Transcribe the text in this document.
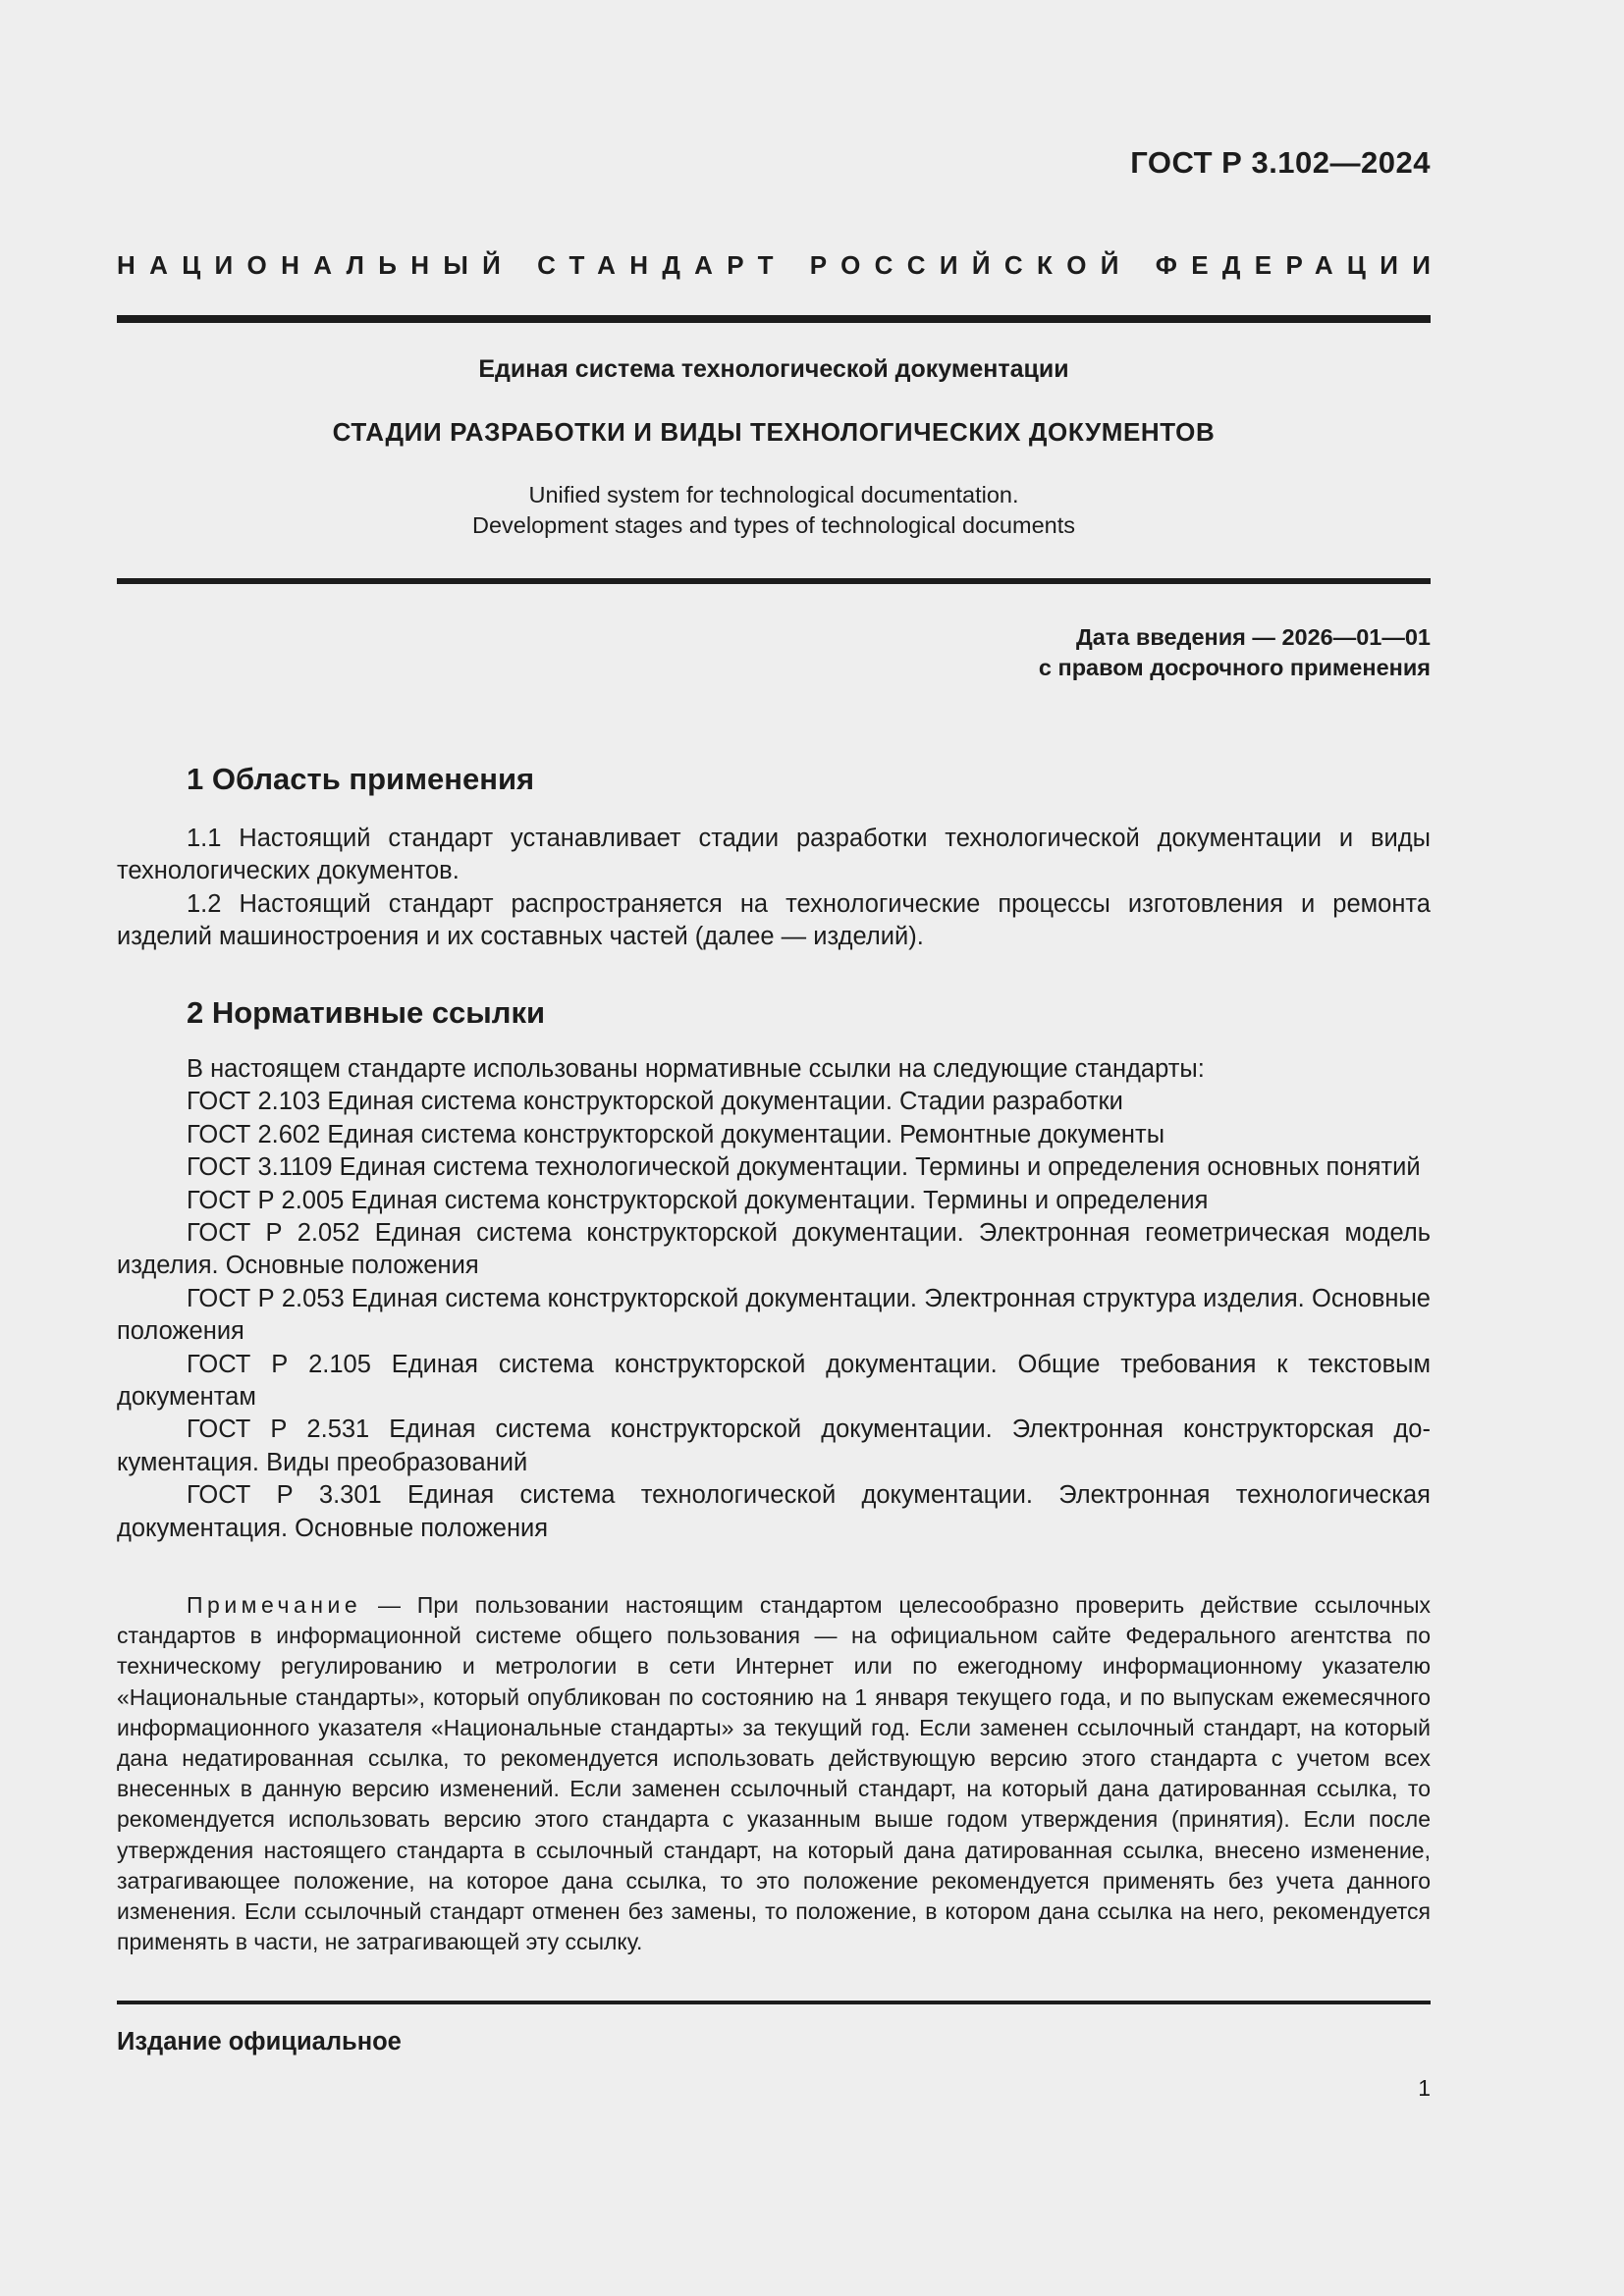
ГОСТ Р 3.102—2024
НАЦИОНАЛЬНЫЙ СТАНДАРТ РОССИЙСКОЙ ФЕДЕРАЦИИ
Единая система технологической документации
СТАДИИ РАЗРАБОТКИ И ВИДЫ ТЕХНОЛОГИЧЕСКИХ ДОКУМЕНТОВ
Unified system for technological documentation.
Development stages and types of technological documents
Дата введения — 2026—01—01
с правом досрочного применения
1 Область применения

1.1 Настоящий стандарт устанавливает стадии разработки технологической документации и виды технологических документов.

1.2 Настоящий стандарт распространяется на технологические процессы изготовления и ремонта изделий машиностроения и их составных частей (далее — изделий).

2 Нормативные ссылки

В настоящем стандарте использованы нормативные ссылки на следующие стандарты:

ГОСТ 2.103 Единая система конструкторской документации. Стадии разработки

ГОСТ 2.602 Единая система конструкторской документации. Ремонтные документы

ГОСТ 3.1109 Единая система технологической документации. Термины и определения основных понятий

ГОСТ Р 2.005 Единая система конструкторской документации. Термины и определения

ГОСТ Р 2.052 Единая система конструкторской документации. Электронная геометрическая модель изделия. Основные положения

ГОСТ Р 2.053 Единая система конструкторской документации. Электронная структура изделия. Основные положения

ГОСТ Р 2.105 Единая система конструкторской документации. Общие требования к текстовым документам

ГОСТ Р 2.531 Единая система конструкторской документации. Электронная конструкторская документация. Виды преобразований

ГОСТ Р 3.301 Единая система технологической документации. Электронная технологическая документация. Основные положения

Примечание — При пользовании настоящим стандартом целесообразно проверить действие ссылочных стандартов в информационной системе общего пользования — на официальном сайте Федерального агентства по техническому регулированию и метрологии в сети Интернет или по ежегодному информационному указателю «Национальные стандарты», который опубликован по состоянию на 1 января текущего года, и по выпускам ежемесячного информационного указателя «Национальные стандарты» за текущий год. Если заменен ссылочный стандарт, на который дана недатированная ссылка, то рекомендуется использовать действующую версию этого стандарта с учетом всех внесенных в данную версию изменений. Если заменен ссылочный стандарт, на который дана датированная ссылка, то рекомендуется использовать версию этого стандарта с указанным выше годом утверждения (принятия). Если после утверждения настоящего стандарта в ссылочный стандарт, на который дана датированная ссылка, внесено изменение, затрагивающее положение, на которое дана ссылка, то это положение рекомендуется применять без учета данного изменения. Если ссылочный стандарт отменен без замены, то положение, в котором дана ссылка на него, рекомендуется применять в части, не затрагивающей эту ссылку.

Издание официальное
1
